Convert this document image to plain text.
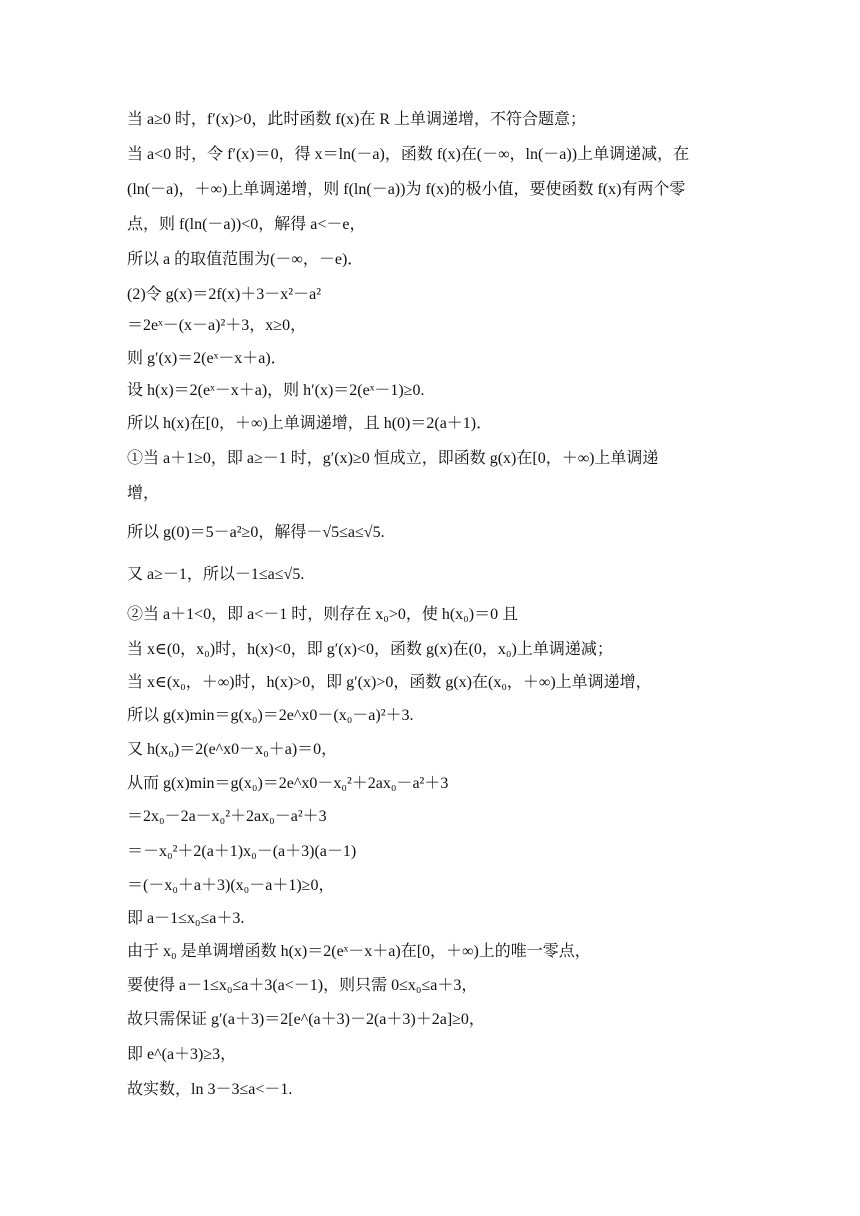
当 a≥0 时，f′(x)>0，此时函数 f(x)在 R 上单调递增，不符合题意；
当 a<0 时，令 f′(x)＝0，得 x＝ln(－a)，函数 f(x)在(－∞，ln(－a))上单调递减，在
(ln(－a)，＋∞)上单调递增，则 f(ln(－a))为 f(x)的极小值，要使函数 f(x)有两个零
点，则 f(ln(－a))<0，解得 a<－e，
所以 a 的取值范围为(－∞，－e)．
(2)令 g(x)＝2f(x)＋3－x²－a²
＝2eˣ－(x－a)²＋3，x≥0，
则 g′(x)＝2(eˣ－x＋a)．
设 h(x)＝2(eˣ－x＋a)，则 h′(x)＝2(eˣ－1)≥0.
所以 h(x)在[0，＋∞)上单调递增，且 h(0)＝2(a＋1)．
①当 a＋1≥0，即 a≥－1 时，g′(x)≥0 恒成立，即函数 g(x)在[0，＋∞)上单调递
增，
所以 g(0)＝5－a²≥0，解得－√5≤a≤√5.
又 a≥－1，所以－1≤a≤√5.
②当 a＋1<0，即 a<－1 时，则存在 x₀>0，使 h(x₀)＝0 且
当 x∈(0，x₀)时，h(x)<0，即 g′(x)<0，函数 g(x)在(0，x₀)上单调递减；
当 x∈(x₀，＋∞)时，h(x)>0，即 g′(x)>0，函数 g(x)在(x₀，＋∞)上单调递增，
所以 g(x)min＝g(x₀)＝2e^x0－(x₀－a)²＋3.
又 h(x₀)＝2(e^x0－x₀＋a)＝0，
从而 g(x)min＝g(x₀)＝2e^x0－x₀²＋2ax₀－a²＋3
＝2x₀－2a－x₀²＋2ax₀－a²＋3
＝－x₀²＋2(a＋1)x₀－(a＋3)(a－1)
＝(－x₀＋a＋3)(x₀－a＋1)≥0，
即 a－1≤x₀≤a＋3.
由于 x₀ 是单调增函数 h(x)＝2(eˣ－x＋a)在[0，＋∞)上的唯一零点，
要使得 a－1≤x₀≤a＋3(a<－1)，则只需 0≤x₀≤a＋3，
故只需保证 g′(a＋3)＝2[e^(a＋3)－2(a＋3)＋2a]≥0，
即 e^(a＋3)≥3，
故实数，ln 3－3≤a<－1.
